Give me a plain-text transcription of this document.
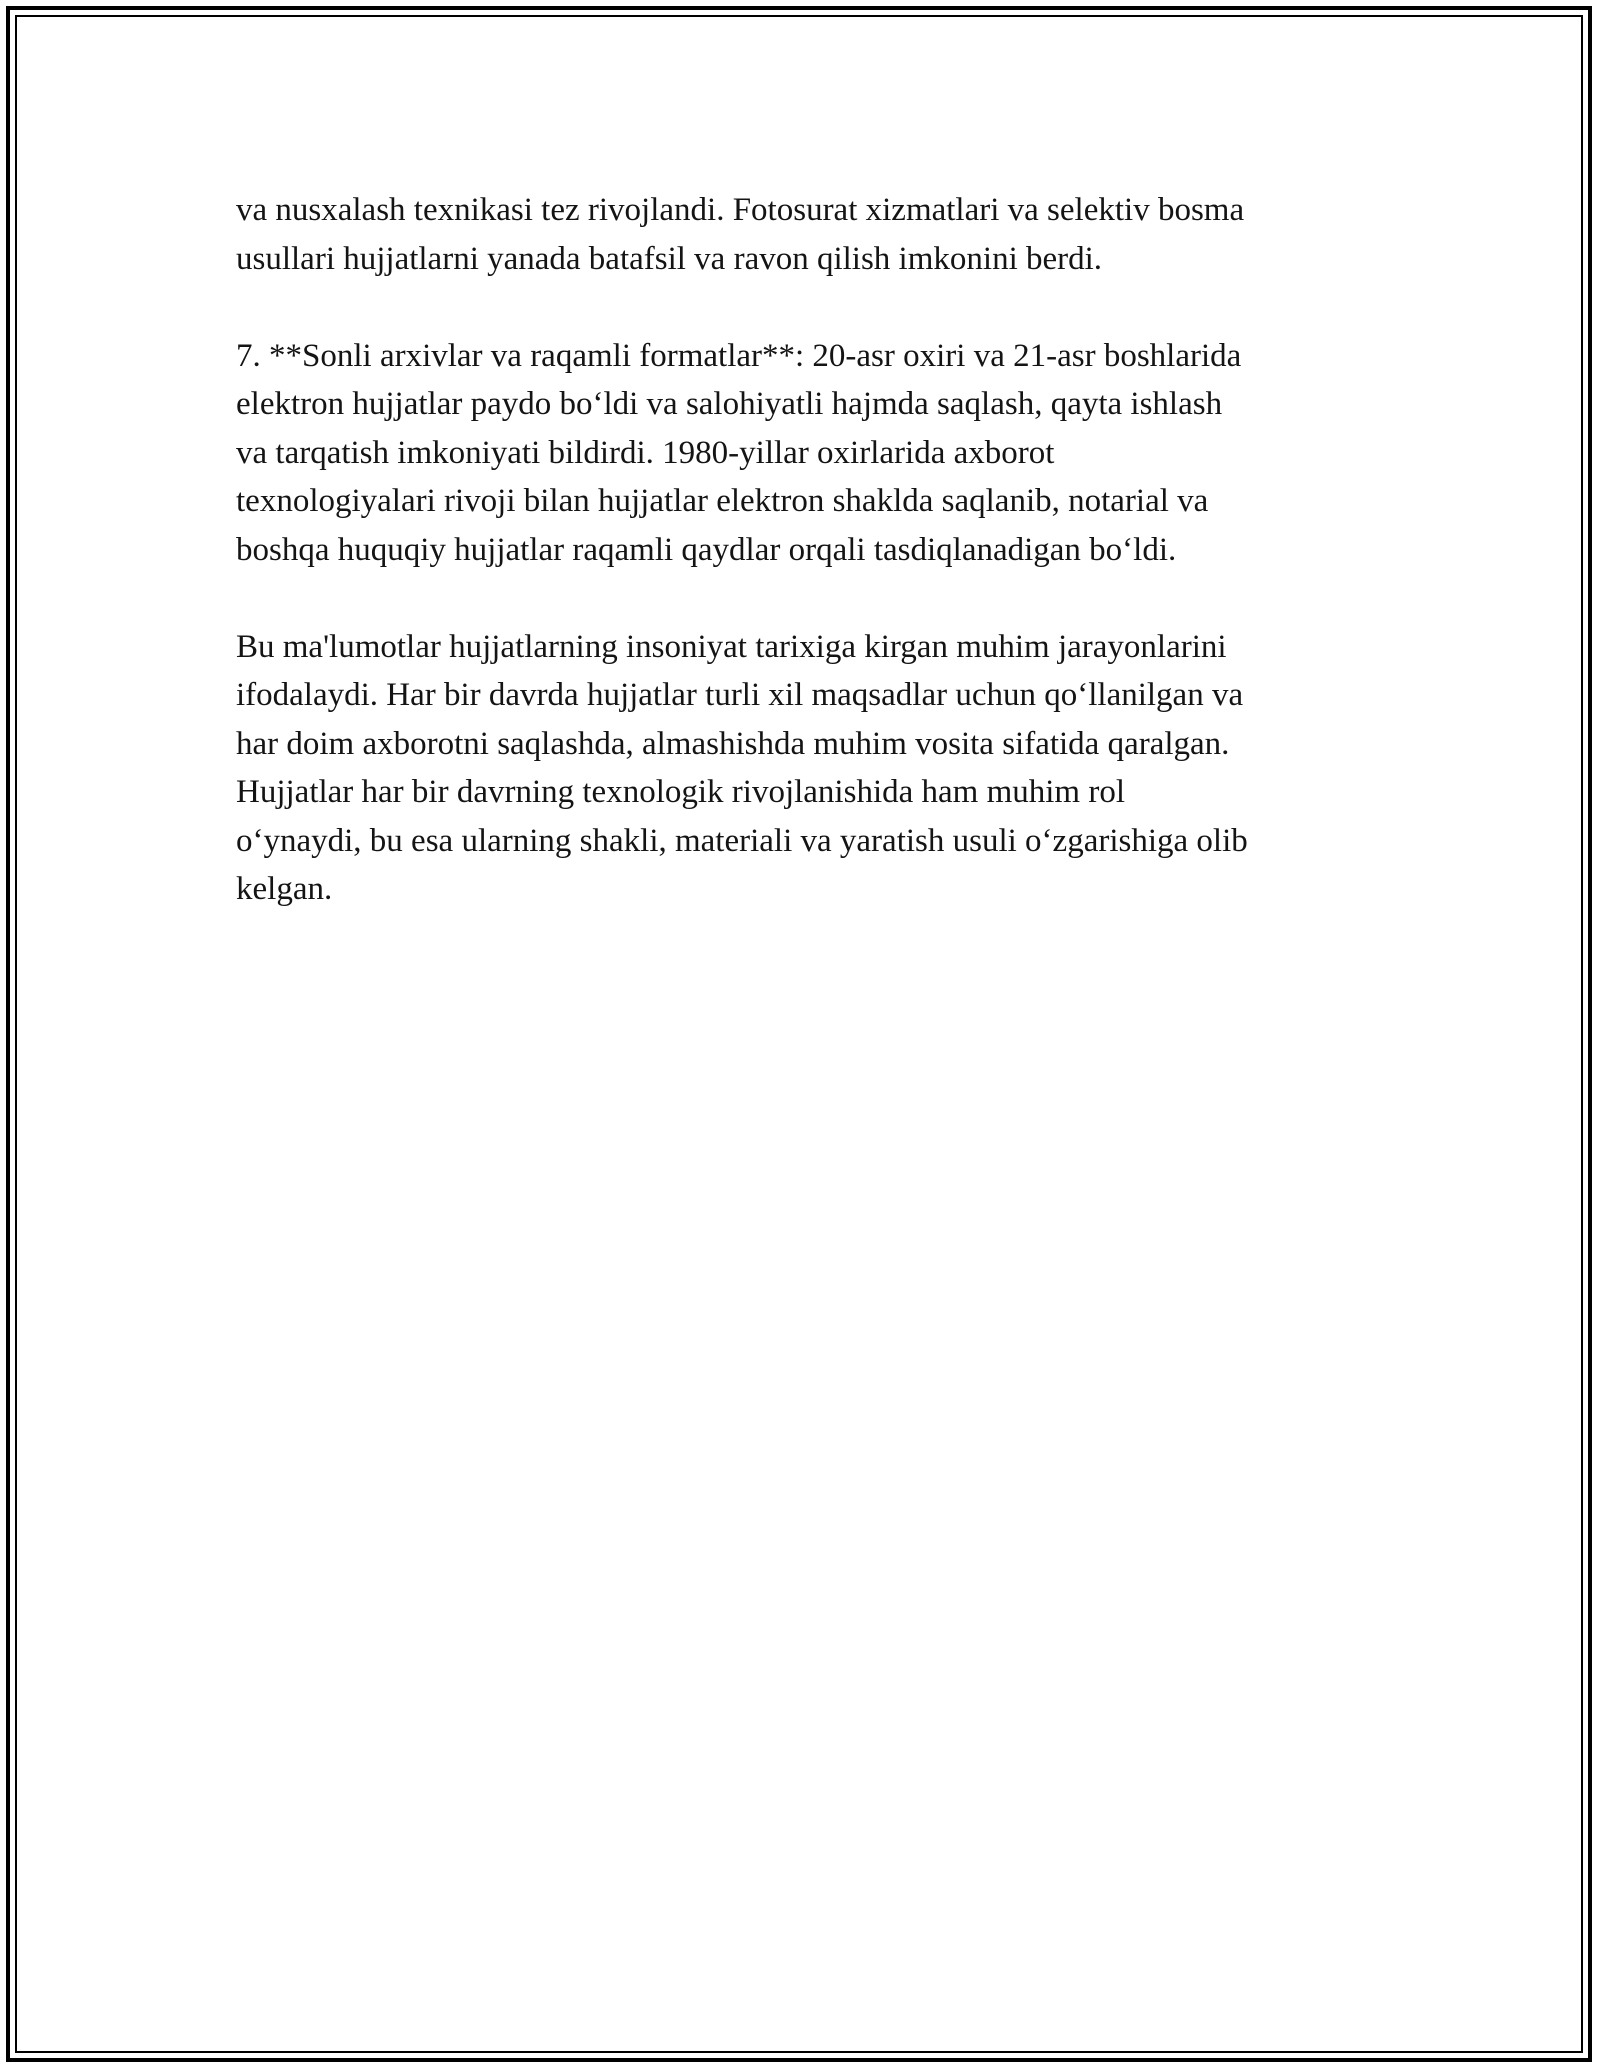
va nusxalash texnikasi tez rivojlandi. Fotosurat xizmatlari va selektiv bosma
usullari hujjatlarni yanada batafsil va ravon qilish imkonini berdi.

7. **Sonli arxivlar va raqamli formatlar**: 20-asr oxiri va 21-asr boshlarida
elektron hujjatlar paydo bo‘ldi va salohiyatli hajmda saqlash, qayta ishlash
va tarqatish imkoniyati bildirdi. 1980-yillar oxirlarida axborot
texnologiyalari rivoji bilan hujjatlar elektron shaklda saqlanib, notarial va
boshqa huquqiy hujjatlar raqamli qaydlar orqali tasdiqlanadigan bo‘ldi.

Bu ma'lumotlar hujjatlarning insoniyat tarixiga kirgan muhim jarayonlarini
ifodalaydi. Har bir davrda hujjatlar turli xil maqsadlar uchun qo‘llanilgan va
har doim axborotni saqlashda, almashishda muhim vosita sifatida qaralgan.
Hujjatlar har bir davrning texnologik rivojlanishida ham muhim rol
o‘ynaydi, bu esa ularning shakli, materiali va yaratish usuli o‘zgarishiga olib
kelgan.
